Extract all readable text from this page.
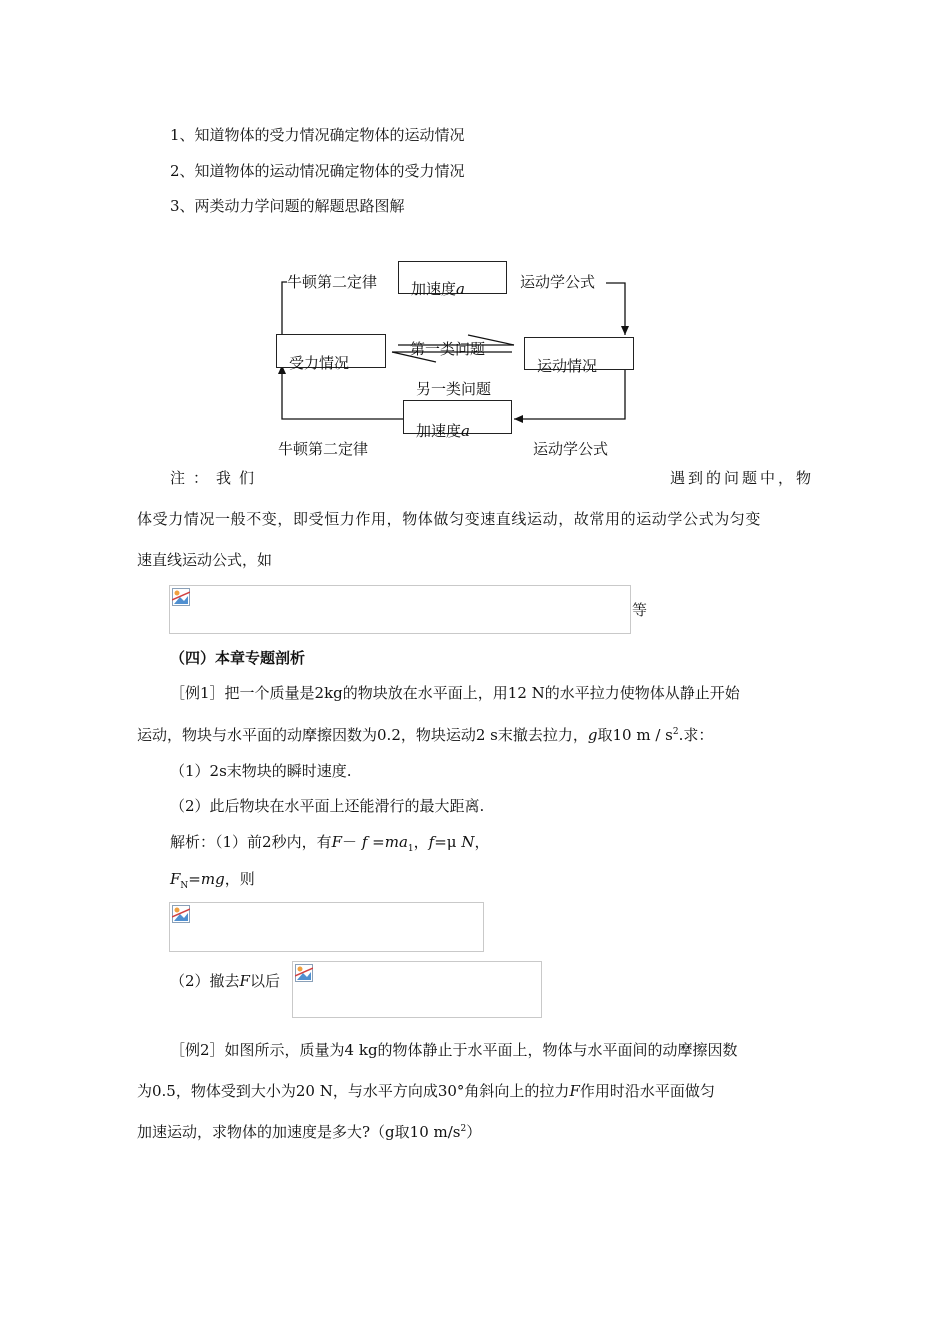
1、知道物体的受力情况确定物体的运动情况
2、知道物体的运动情况确定物体的受力情况
3、两类动力学问题的解题思路图解
加速度a
牛顿第二定律	运动学公式
受力情况	运动情况
第一类问题
另一类问题
加速度a
牛顿第二定律	运动学公式
注：我们	遇到的问题中，物
体受力情况一般不变，即受恒力作用，物体做匀变速直线运动，故常用的运动学公式为匀变
速直线运动公式，如
等
（四）本章专题剖析
［例1］把一个质量是2kg的物块放在水平面上，用12 N的水平拉力使物体从静止开始
运动，物块与水平面的动摩擦因数为0.2，物块运动2 s末撤去拉力，g取10 m / $s^2$.求：
（1）2s末物块的瞬时速度.
（2）此后物块在水平面上还能滑行的最大距离.
解析：（1）前2秒内，有$F- f =ma_1$，f=μ N，
$F_N=mg$，则
（2）撤去F以后
［例2］如图所示，质量为4 kg的物体静止于水平面上，物体与水平面间的动摩擦因数
为0.5，物体受到大小为20 N，与水平方向成30°角斜向上的拉力F作用时沿水平面做匀
加速运动，求物体的加速度是多大?（g取10 $m/s^2$）
